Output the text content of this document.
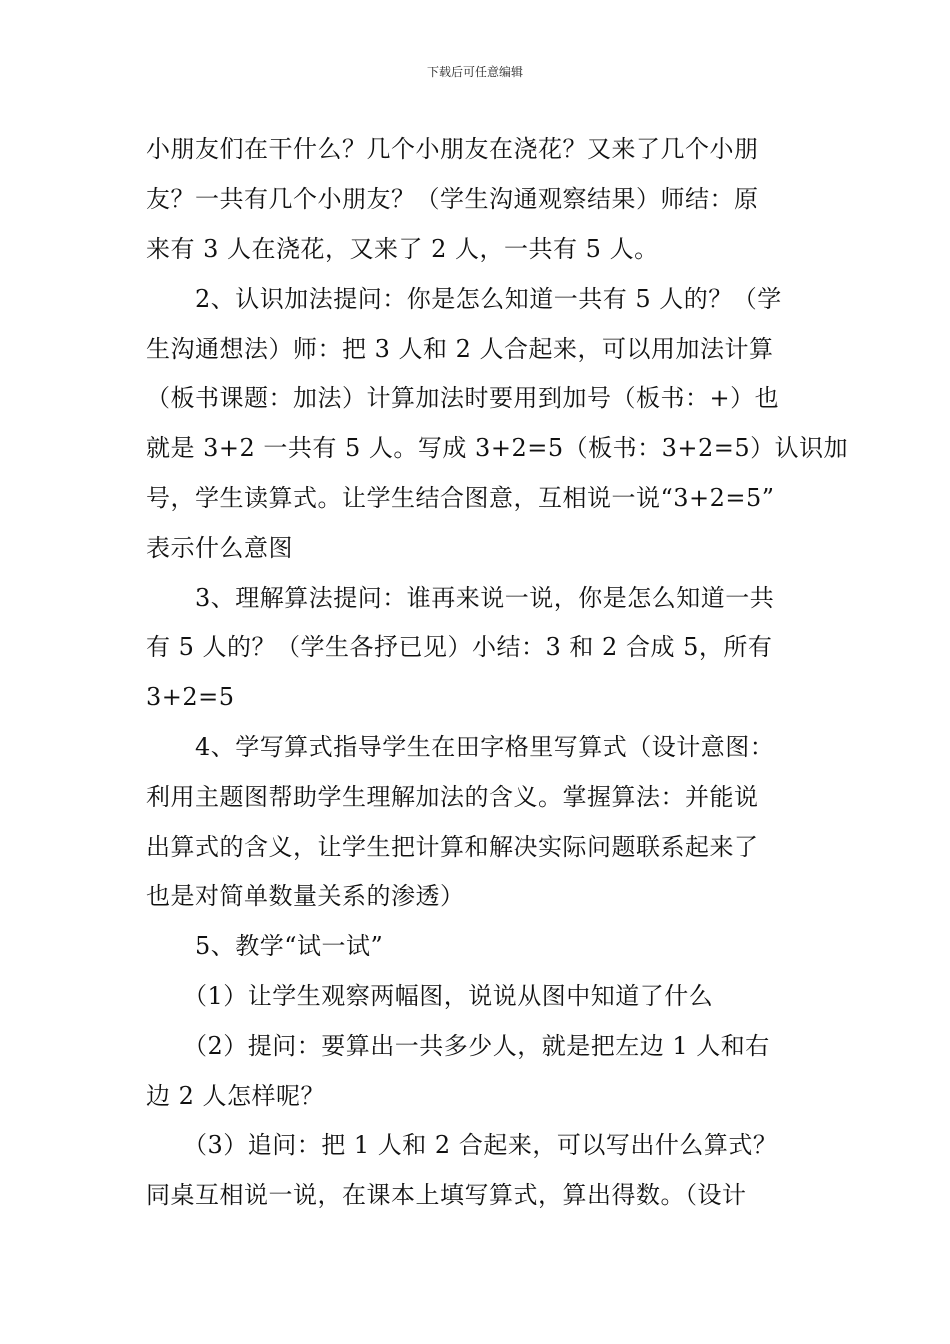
下载后可任意编辑
小朋友们在干什么？几个小朋友在浇花？又来了几个小朋
友？一共有几个小朋友？（学生沟通观察结果）师结：原
来有 3 人在浇花，又来了 2 人，一共有 5 人。
　　2、认识加法提问：你是怎么知道一共有 5 人的？（学
生沟通想法）师：把 3 人和 2 人合起来，可以用加法计算
（板书课题：加法）计算加法时要用到加号（板书：+）也
就是 3+2 一共有 5 人。写成 3+2=5（板书：3+2=5）认识加
号，学生读算式。让学生结合图意，互相说一说“3+2=5”
表示什么意图
　　3、理解算法提问：谁再来说一说，你是怎么知道一共
有 5 人的？（学生各抒已见）小结：3 和 2 合成 5，所有
3+2=5
　　4、学写算式指导学生在田字格里写算式（设计意图：
利用主题图帮助学生理解加法的含义。掌握算法：并能说
出算式的含义，让学生把计算和解决实际问题联系起来了
也是对简单数量关系的渗透）
　　5、教学“试一试”
　　（1）让学生观察两幅图，说说从图中知道了什么
　　（2）提问：要算出一共多少人，就是把左边 1 人和右
边 2 人怎样呢？
　　（3）追问：把 1 人和 2 合起来，可以写出什么算式？
同桌互相说一说，在课本上填写算式，算出得数。（设计
